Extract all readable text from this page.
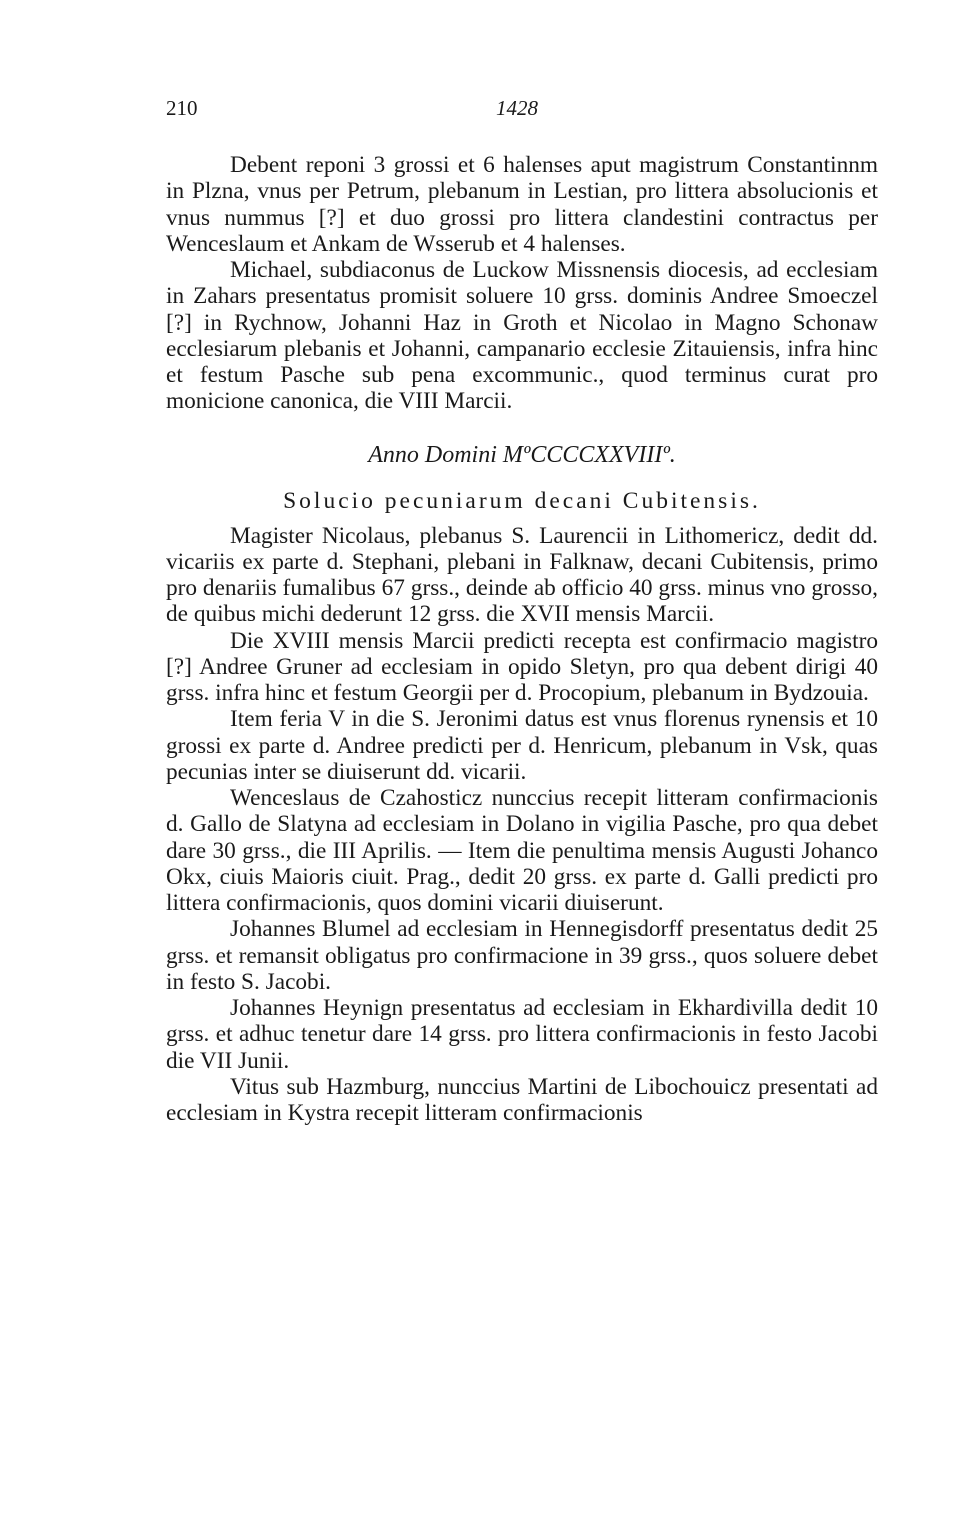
210	1428

Debent reponi 3 grossi et 6 halenses aput magistrum Constantinnm in Plzna, vnus per Petrum, plebanum in Lestian, pro littera absolucionis et vnus nummus [?] et duo grossi pro littera clandestini contractus per Wenceslaum et Ankam de Wsserub et 4 halenses.

Michael, subdiaconus de Luckow Missnensis diocesis, ad ecclesiam in Zahars presentatus promisit soluere 10 grss. dominis Andree Smoeczel [?] in Rychnow, Johanni Haz in Groth et Nicolao in Magno Schonaw ecclesiarum plebanis et Johanni, campanario ecclesie Zitauiensis, infra hinc et festum Pasche sub pena excommunic., quod terminus curat pro monicione canonica, die VIII Marcii.

Anno Domini MºCCCCXXVIIIº.
Solucio pecuniarum decani Cubitensis.

Magister Nicolaus, plebanus S. Laurencii in Lithomericz, dedit dd. vicariis ex parte d. Stephani, plebani in Falknaw, decani Cubitensis, primo pro denariis fumalibus 67 grss., deinde ab officio 40 grss. minus vno grosso, de quibus michi dederunt 12 grss. die XVII mensis Marcii.

Die XVIII mensis Marcii predicti recepta est confirmacio magistro [?] Andree Gruner ad ecclesiam in opido Sletyn, pro qua debent dirigi 40 grss. infra hinc et festum Georgii per d. Procopium, plebanum in Bydzouia.

Item feria V in die S. Jeronimi datus est vnus florenus rynensis et 10 grossi ex parte d. Andree predicti per d. Henricum, plebanum in Vsk, quas pecunias inter se diuiserunt dd. vicarii.

Wenceslaus de Czahosticz nunccius recepit litteram confirmacionis d. Gallo de Slatyna ad ecclesiam in Dolano in vigilia Pasche, pro qua debet dare 30 grss., die III Aprilis. — Item die penultima mensis Augusti Johanco Okx, ciuis Maioris ciuit. Prag., dedit 20 grss. ex parte d. Galli predicti pro littera confirmacionis, quos domini vicarii diuiserunt.

Johannes Blumel ad ecclesiam in Hennegisdorff presentatus dedit 25 grss. et remansit obligatus pro confirmacione in 39 grss., quos soluere debet in festo S. Jacobi.

Johannes Heynign presentatus ad ecclesiam in Ekhardivilla dedit 10 grss. et adhuc tenetur dare 14 grss. pro littera confirmacionis in festo Jacobi die VII Junii.

Vitus sub Hazmburg, nunccius Martini de Libochouicz presentati ad ecclesiam in Kystra recepit litteram confirmacionis
